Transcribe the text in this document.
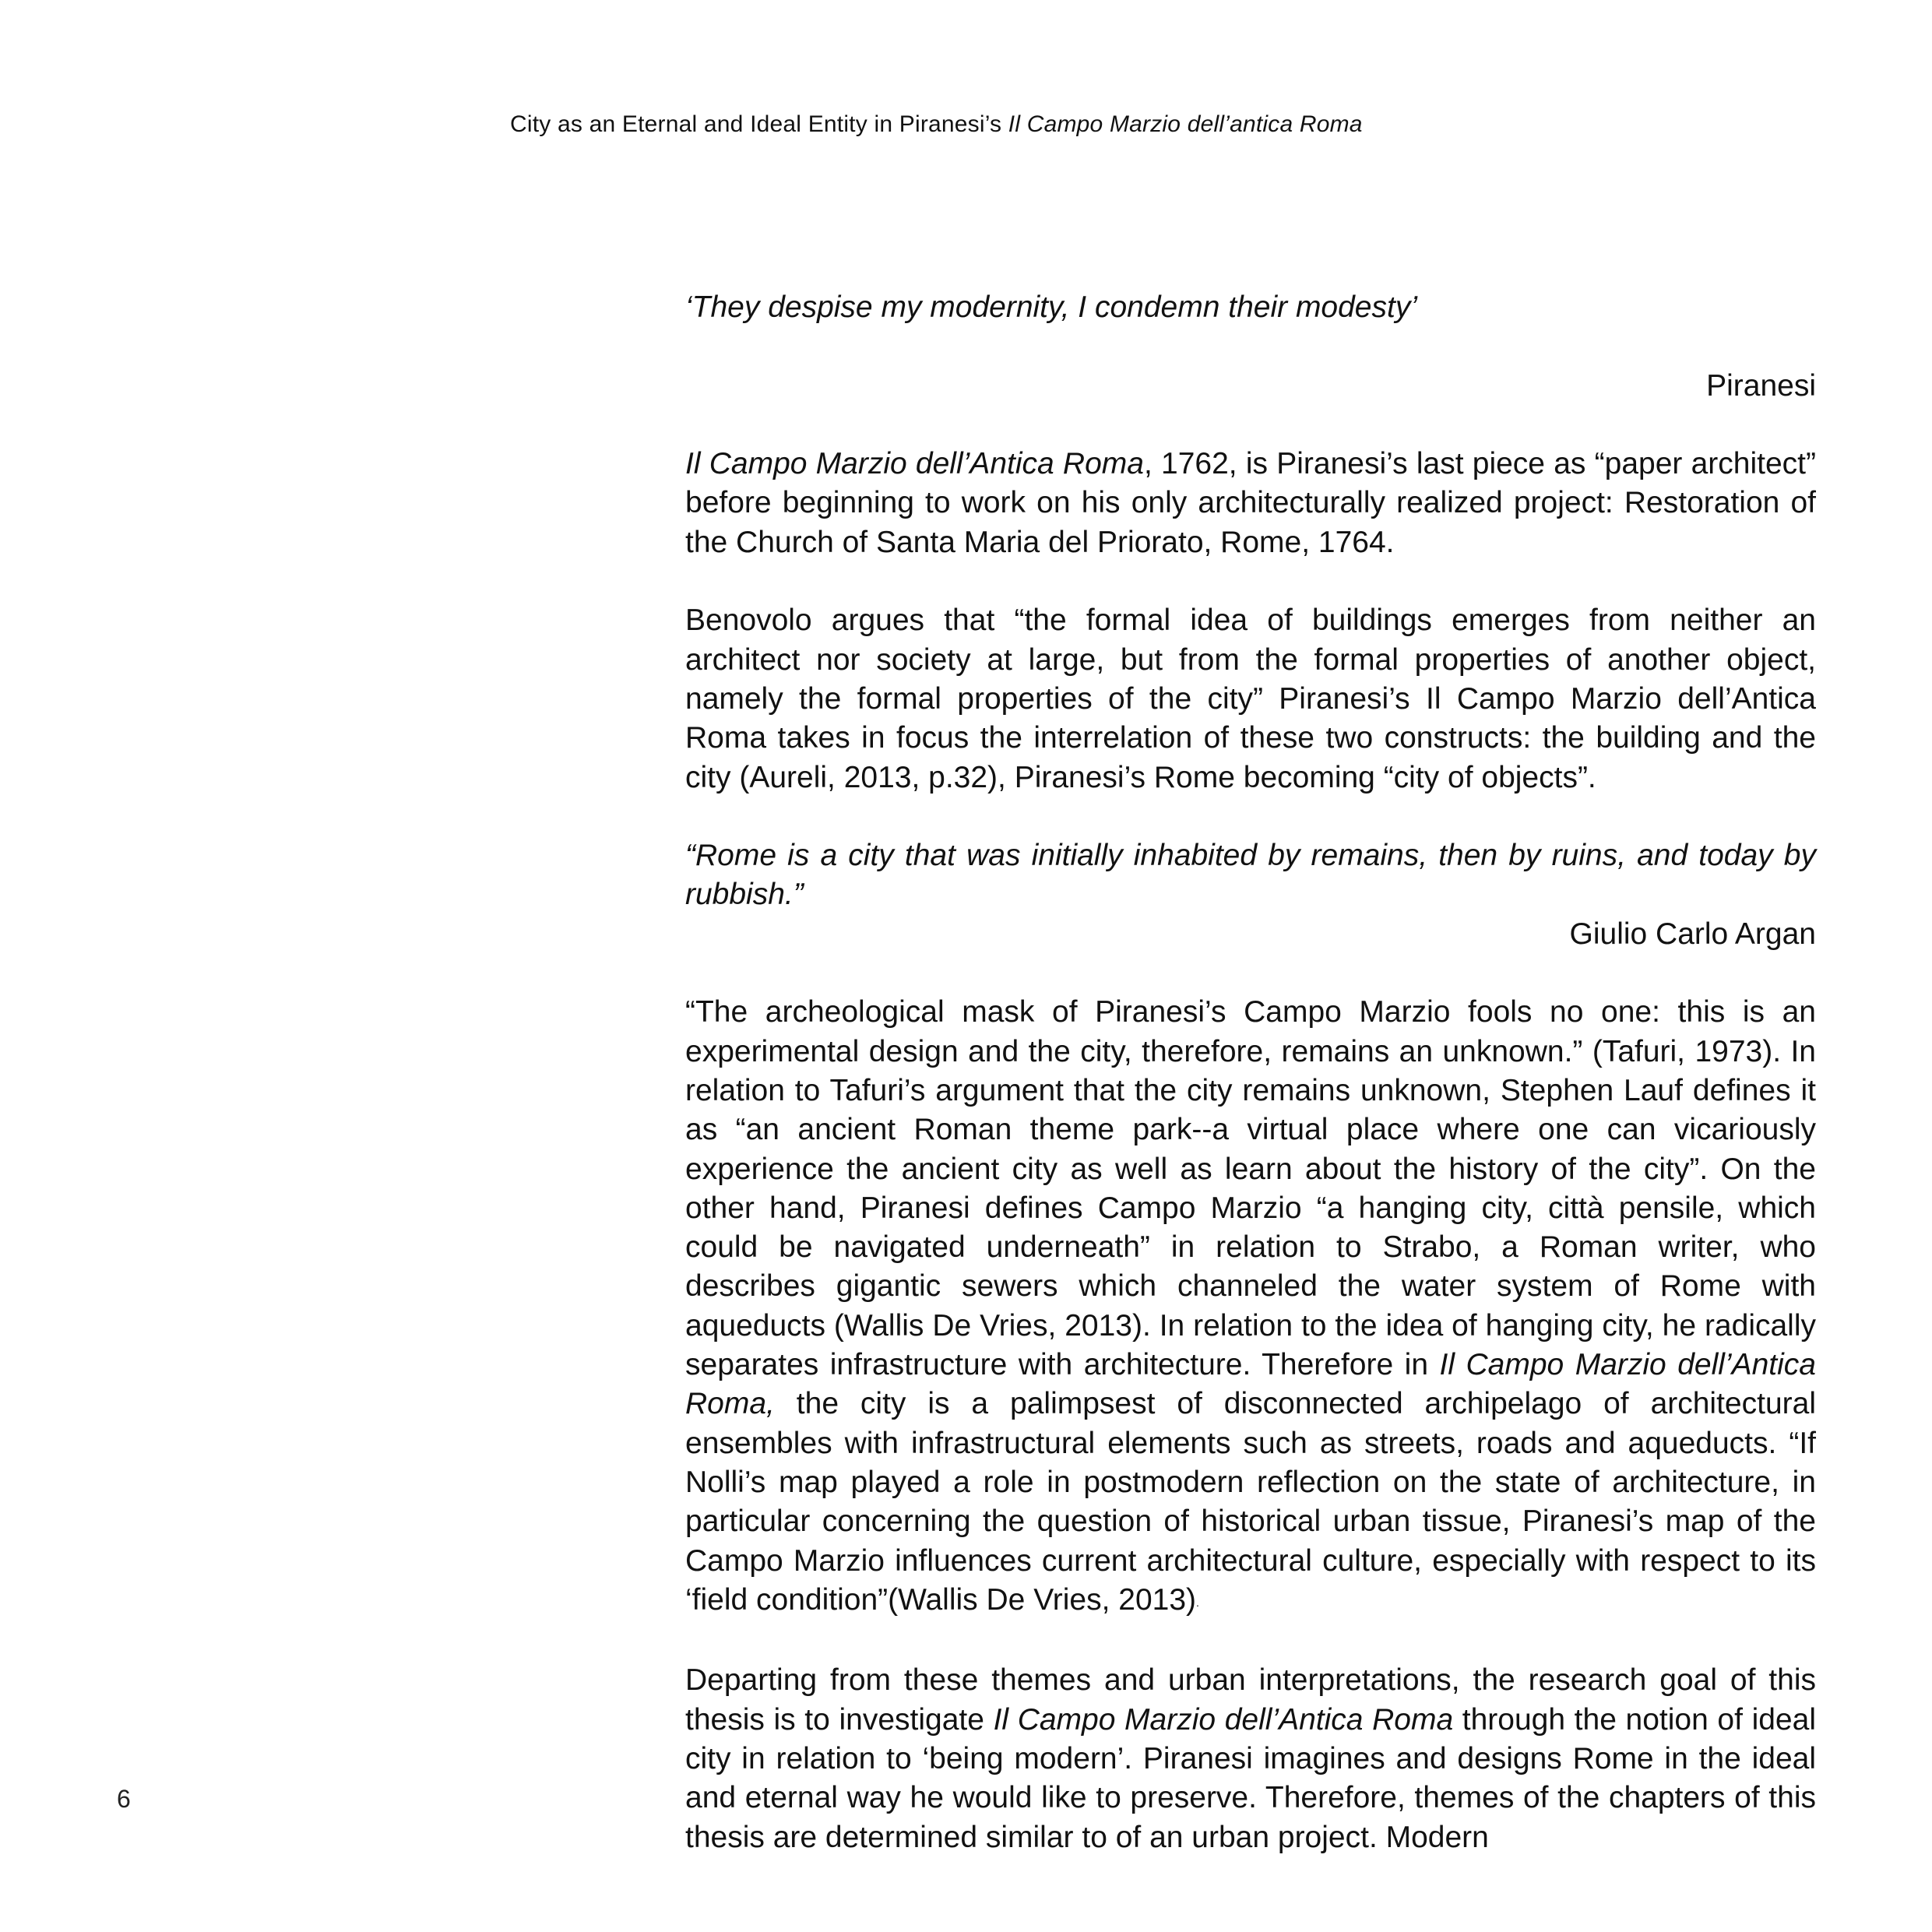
City as an Eternal and Ideal Entity in Piranesi’s Il Campo Marzio dell’antica Roma

‘They despise my modernity, I condemn their modesty’

Piranesi

Il Campo Marzio dell’Antica Roma, 1762, is Piranesi’s last piece as “paper architect” before beginning to work on his only architecturally realized project: Restoration of the Church of Santa Maria del Priorato, Rome, 1764.

Benovolo argues that “the formal idea of buildings emerges from neither an architect nor society at large, but from the formal properties of another object, namely the formal properties of the city” Piranesi’s Il Campo Marzio dell’Antica Roma takes in focus the interrelation of these two constructs: the building and the city (Aureli, 2013, p.32), Piranesi’s Rome becoming “city of objects”.

“Rome is a city that was initially inhabited by remains, then by ruins, and today by rubbish.”

Giulio Carlo Argan

“The archeological mask of Piranesi’s Campo Marzio fools no one: this is an experimental design and the city, therefore, remains an unknown.” (Tafuri, 1973). In relation to Tafuri’s argument that the city remains unknown, Stephen Lauf defines it as “an ancient Roman theme park--a virtual place where one can vicariously experience the ancient city as well as learn about the history of the city”. On the other hand, Piranesi defines Campo Marzio “a hanging city, città pensile, which could be navigated underneath” in relation to Strabo, a Roman writer, who describes gigantic sewers which channeled the water system of Rome with aqueducts (Wallis De Vries, 2013). In relation to the idea of hanging city, he radically separates infrastructure with architecture. Therefore in Il Campo Marzio dell’Antica Roma, the city is a palimpsest of disconnected archipelago of architectural ensembles with infrastructural elements such as streets, roads and aqueducts. “If Nolli’s map played a role in postmodern reflection on the state of architecture, in particular concerning the question of historical urban tissue, Piranesi’s map of the Campo Marzio influences current architectural culture, especially with respect to its ‘field condition”(Wallis De Vries, 2013).

Departing from these themes and urban interpretations, the research goal of this thesis is to investigate Il Campo Marzio dell’Antica Roma through the notion of ideal city in relation to ‘being modern’. Piranesi imagines and designs Rome in the ideal and eternal way he would like to preserve. Therefore, themes of the chapters of this thesis are determined similar to of an urban project. Modern

6
